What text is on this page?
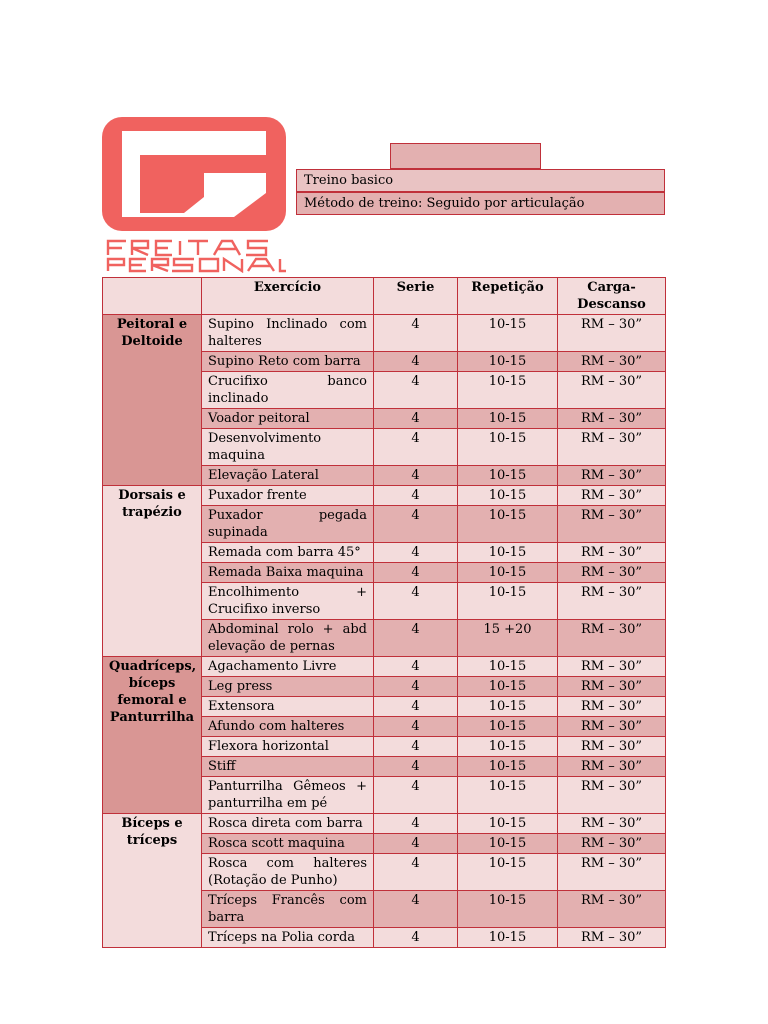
Treino basico
Método de treino: Seguido por articulação
	Exercício	Serie	Repetição	Carga-Descanso
Peitoral e Deltoide	Supino Inclinado com halteres	4	10-15	RM – 30”
	Supino Reto com barra	4	10-15	RM – 30”
	Crucifixo banco inclinado	4	10-15	RM – 30”
	Voador peitoral	4	10-15	RM – 30”
	Desenvolvimento maquina	4	10-15	RM – 30”
	Elevação Lateral	4	10-15	RM – 30”
Dorsais e trapézio	Puxador frente	4	10-15	RM – 30”
	Puxador pegada supinada	4	10-15	RM – 30”
	Remada com barra 45°	4	10-15	RM – 30”
	Remada Baixa maquina	4	10-15	RM – 30”
	Encolhimento + Crucifixo inverso	4	10-15	RM – 30”
	Abdominal rolo + abd elevação de pernas	4	15 +20	RM – 30”
Quadríceps, bíceps femoral e Panturrilha	Agachamento Livre	4	10-15	RM – 30”
	Leg press	4	10-15	RM – 30”
	Extensora	4	10-15	RM – 30”
	Afundo com halteres	4	10-15	RM – 30”
	Flexora horizontal	4	10-15	RM – 30”
	Stiff	4	10-15	RM – 30”
	Panturrilha Gêmeos + panturrilha em pé	4	10-15	RM – 30”
Bíceps e tríceps	Rosca direta com barra	4	10-15	RM – 30”
	Rosca scott maquina	4	10-15	RM – 30”
	Rosca com halteres (Rotação de Punho)	4	10-15	RM – 30”
	Tríceps Francês com barra	4	10-15	RM – 30”
	Tríceps na Polia corda	4	10-15	RM – 30”
